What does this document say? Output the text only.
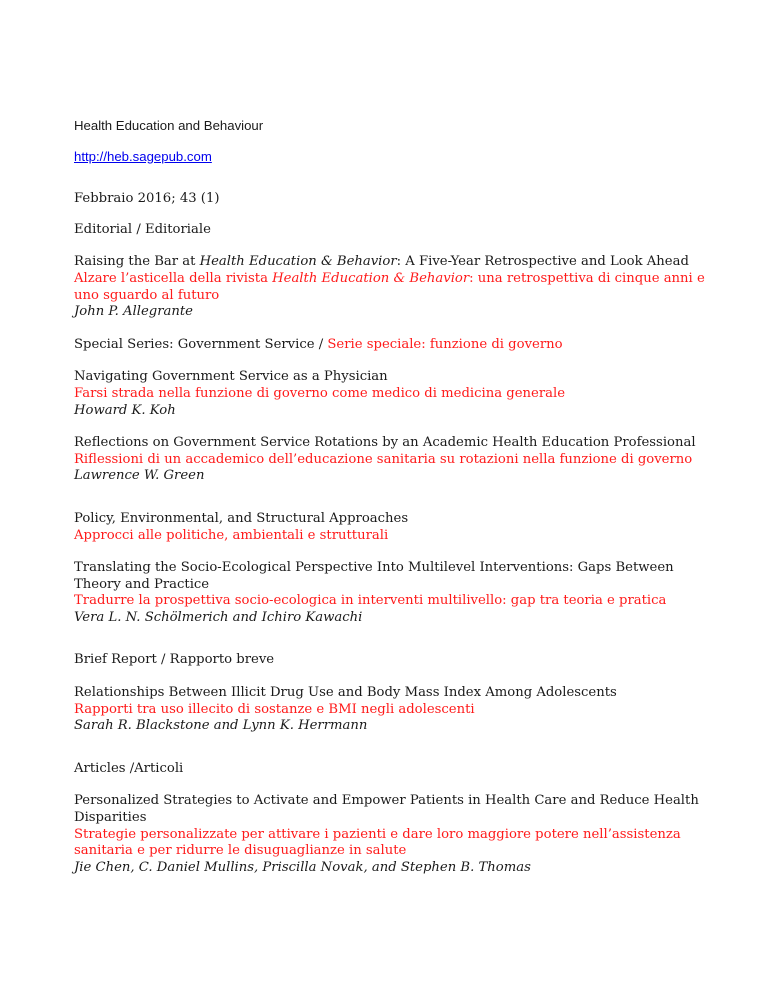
Health Education and Behaviour

http://heb.sagepub.com

Febbraio 2016; 43 (1)

Editorial / Editoriale

Raising the Bar at Health Education & Behavior: A Five-Year Retrospective and Look Ahead

Alzare l’asticella della rivista Health Education & Behavior: una retrospettiva di cinque anni e uno sguardo al futuro

John P. Allegrante

Special Series: Government Service / Serie speciale: funzione di governo

Navigating Government Service as a Physician

Farsi strada nella funzione di governo come medico di medicina generale

Howard K. Koh

Reflections on Government Service Rotations by an Academic Health Education Professional

Riflessioni di un accademico dell’educazione sanitaria su rotazioni nella funzione di governo

Lawrence W. Green

Policy, Environmental, and Structural Approaches

Approcci alle politiche, ambientali e strutturali

Translating the Socio-Ecological Perspective Into Multilevel Interventions: Gaps Between Theory and Practice

Tradurre la prospettiva socio-ecologica in interventi multilivello: gap tra teoria e pratica

Vera L. N. Schölmerich and Ichiro Kawachi

Brief Report / Rapporto breve

Relationships Between Illicit Drug Use and Body Mass Index Among Adolescents

Rapporti tra uso illecito di sostanze e BMI negli adolescenti

Sarah R. Blackstone and Lynn K. Herrmann

Articles /Articoli

Personalized Strategies to Activate and Empower Patients in Health Care and Reduce Health Disparities

Strategie personalizzate per attivare i pazienti e dare loro maggiore potere nell’assistenza sanitaria e per ridurre le disuguaglianze in salute

Jie Chen, C. Daniel Mullins, Priscilla Novak, and Stephen B. Thomas
